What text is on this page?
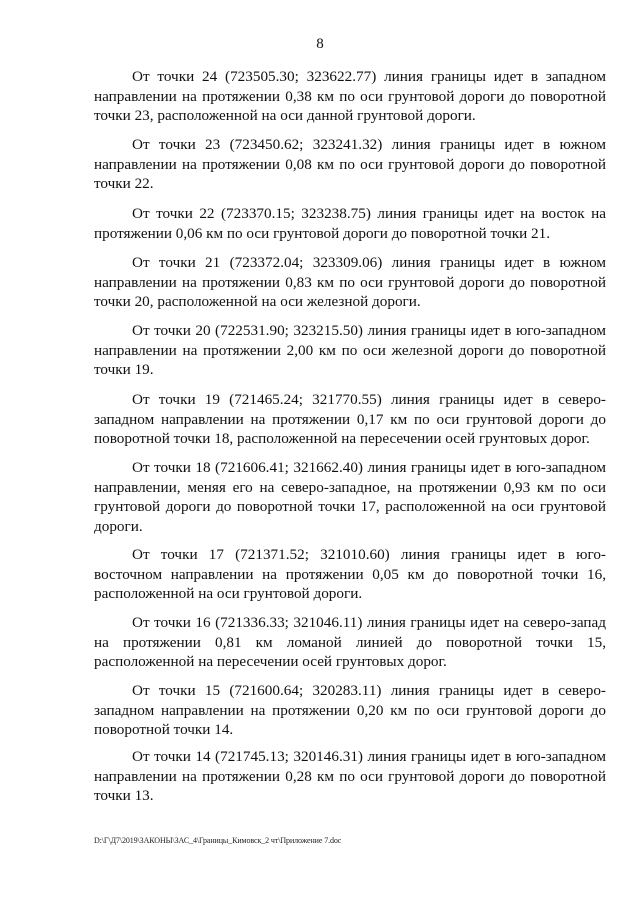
8

От точки 24 (723505.30; 323622.77) линия границы идет в западном направлении на протяжении 0,38 км по оси грунтовой дороги до поворотной точки 23, расположенной на оси данной грунтовой дороги.

От точки 23 (723450.62; 323241.32) линия границы идет в южном направлении на протяжении 0,08 км по оси грунтовой дороги до поворотной точки 22.

От точки 22 (723370.15; 323238.75) линия границы идет на восток на протяжении 0,06 км по оси грунтовой дороги до поворотной точки 21.

От точки 21 (723372.04; 323309.06) линия границы идет в южном направлении на протяжении 0,83 км по оси грунтовой дороги до поворотной точки 20, расположенной на оси железной дороги.

От точки 20 (722531.90; 323215.50) линия границы идет в юго-западном направлении на протяжении 2,00 км по оси железной дороги до поворотной точки 19.

От точки 19 (721465.24; 321770.55) линия границы идет в северо-западном направлении на протяжении 0,17 км по оси грунтовой дороги до поворотной точки 18, расположенной на пересечении осей грунтовых дорог.

От точки 18 (721606.41; 321662.40) линия границы идет в юго-западном направлении, меняя его на северо-западное, на протяжении 0,93 км по оси грунтовой дороги до поворотной точки 17, расположенной на оси грунтовой дороги.

От точки 17 (721371.52; 321010.60) линия границы идет в юго-восточном направлении на протяжении 0,05 км до поворотной точки 16, расположенной на оси грунтовой дороги.

От точки 16 (721336.33; 321046.11) линия границы идет на северо-запад на протяжении 0,81 км ломаной линией до поворотной точки 15, расположенной на пересечении осей грунтовых дорог.

От точки 15 (721600.64; 320283.11) линия границы идет в северо-западном направлении на протяжении 0,20 км по оси грунтовой дороги до поворотной точки 14.

От точки 14 (721745.13; 320146.31) линия границы идет в юго-западном направлении на протяжении 0,28 км по оси грунтовой дороги до поворотной точки 13.

D:\Г\Д7\2019\ЗАКОНЫ\ЗАС_4\Границы_Кимовск_2 чт\Приложение 7.doc
